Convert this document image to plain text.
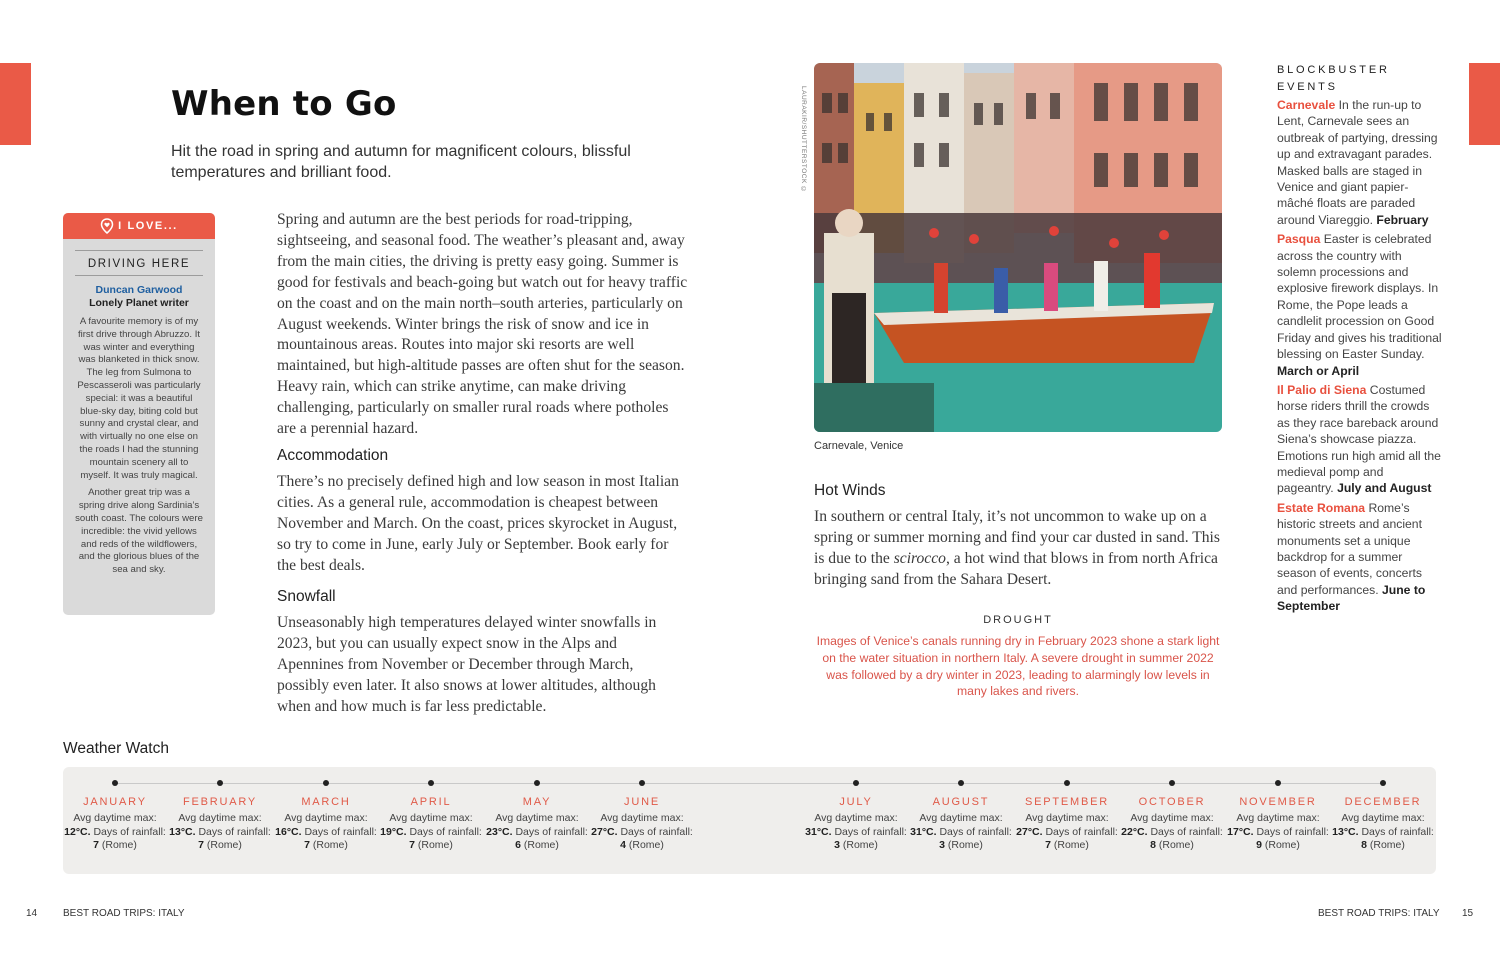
When to Go
Hit the road in spring and autumn for magnificent colours, blissful temperatures and brilliant food.
I LOVE...
DRIVING HERE
Duncan Garwood
Lonely Planet writer
A favourite memory is of my first drive through Abruzzo. It was winter and everything was blanketed in thick snow. The leg from Sulmona to Pescasseroli was particularly special: it was a beautiful blue-sky day, biting cold but sunny and crystal clear, and with virtually no one else on the roads I had the stunning mountain scenery all to myself. It was truly magical.
Another great trip was a spring drive along Sardinia’s south coast. The colours were incredible: the vivid yellows and reds of the wildflowers, and the glorious blues of the sea and sky.
Spring and autumn are the best periods for road-tripping, sightseeing, and seasonal food. The weather’s pleasant and, away from the main cities, the driving is pretty easy going. Summer is good for festivals and beach-going but watch out for heavy traffic on the coast and on the main north–south arteries, particularly on August weekends. Winter brings the risk of snow and ice in mountainous areas. Routes into major ski resorts are well maintained, but high-altitude passes are often shut for the season. Heavy rain, which can strike anytime, can make driving challenging, particularly on smaller rural roads where potholes are a perennial hazard.
Accommodation
There’s no precisely defined high and low season in most Italian cities. As a general rule, accommodation is cheapest between November and March. On the coast, prices skyrocket in August, so try to come in June, early July or September. Book early for the best deals.
Snowfall
Unseasonably high temperatures delayed winter snowfalls in 2023, but you can usually expect snow in the Alps and Apennines from November or December through March, possibly even later. It also snows at lower altitudes, although when and how much is far less predictable.
LAURAKIR/SHUTTERSTOCK ©
Carnevale, Venice
Hot Winds
In southern or central Italy, it’s not uncommon to wake up on a spring or summer morning and find your car dusted in sand. This is due to the scirocco, a hot wind that blows in from north Africa bringing sand from the Sahara Desert.
DROUGHT
Images of Venice’s canals running dry in February 2023 shone a stark light on the water situation in northern Italy. A severe drought in summer 2022 was followed by a dry winter in 2023, leading to alarmingly low levels in many lakes and rivers.
BLOCKBUSTER EVENTS

Carnevale In the run-up to Lent, Carnevale sees an outbreak of partying, dressing up and extravagant parades. Masked balls are staged in Venice and giant papier-mâché floats are paraded around Viareggio. February

Pasqua Easter is celebrated across the country with solemn processions and explosive firework displays. In Rome, the Pope leads a candlelit procession on Good Friday and gives his traditional blessing on Easter Sunday. March or April

Il Palio di Siena Costumed horse riders thrill the crowds as they race bareback around Siena’s showcase piazza. Emotions run high amid all the medieval pomp and pageantry. July and August

Estate Romana Rome’s historic streets and ancient monuments set a unique backdrop for a summer season of events, concerts and performances. June to September

Weather Watch
JANUARY
Avg daytime max:
12°C. Days of rainfall: 7 (Rome)
FEBRUARY
Avg daytime max:
13°C. Days of rainfall: 7 (Rome)
MARCH
Avg daytime max:
16°C. Days of rainfall: 7 (Rome)
APRIL
Avg daytime max:
19°C. Days of rainfall: 7 (Rome)
MAY
Avg daytime max:
23°C. Days of rainfall: 6 (Rome)
JUNE
Avg daytime max:
27°C. Days of rainfall: 4 (Rome)
JULY
Avg daytime max:
31°C. Days of rainfall: 3 (Rome)
AUGUST
Avg daytime max:
31°C. Days of rainfall: 3 (Rome)
SEPTEMBER
Avg daytime max:
27°C. Days of rainfall: 7 (Rome)
OCTOBER
Avg daytime max:
22°C. Days of rainfall: 8 (Rome)
NOVEMBER
Avg daytime max:
17°C. Days of rainfall: 9 (Rome)
DECEMBER
Avg daytime max:
13°C. Days of rainfall: 8 (Rome)
14	BEST ROAD TRIPS: ITALY	BEST ROAD TRIPS: ITALY 15
